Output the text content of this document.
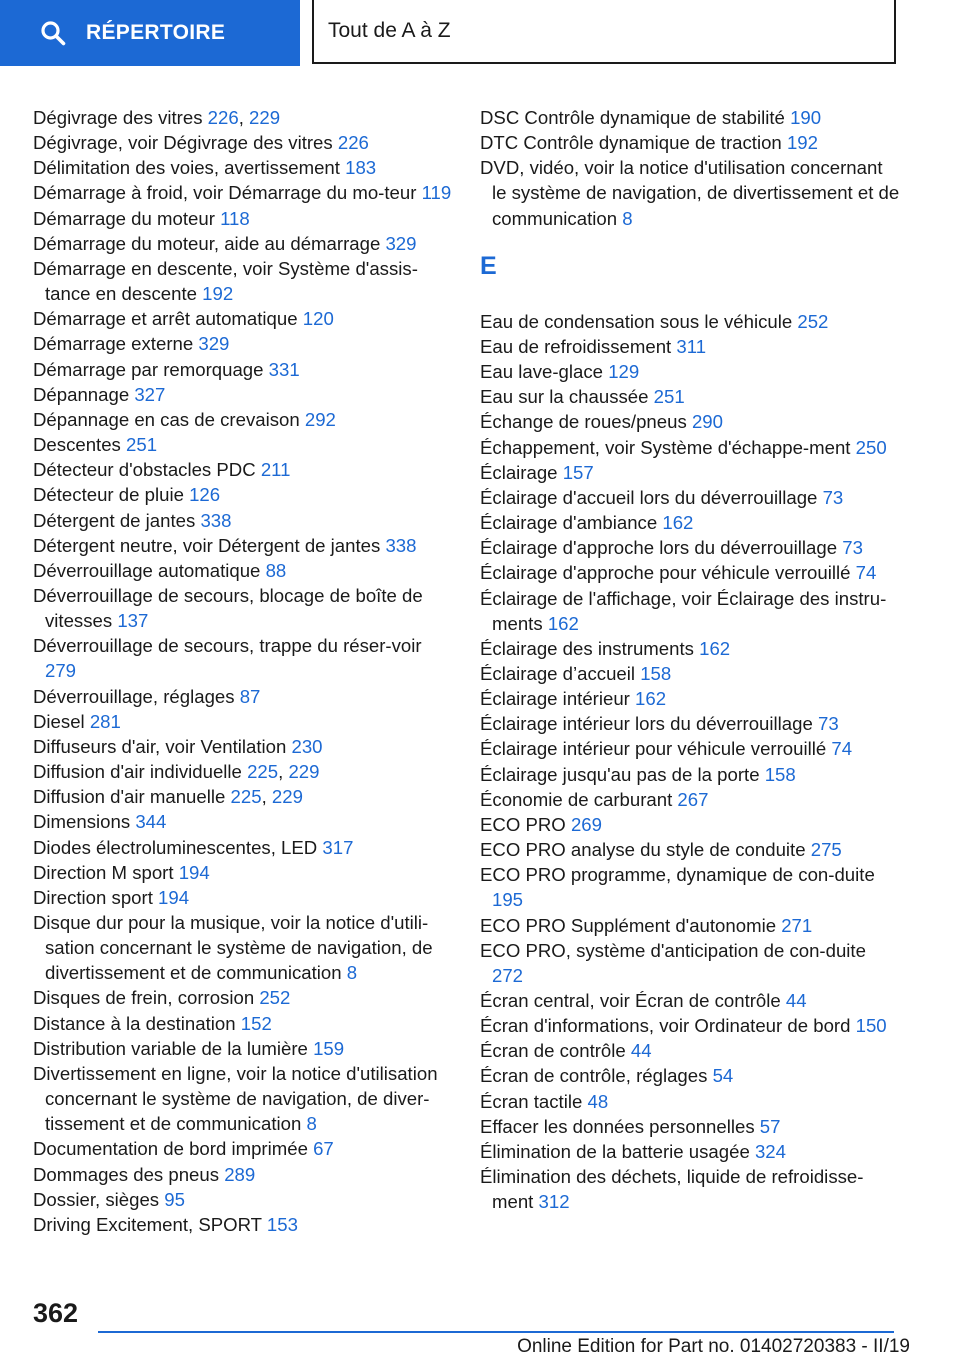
RÉPERTOIRE	Tout de A à Z
Dégivrage des vitres 226, 229
Dégivrage, voir Dégivrage des vitres 226
Délimitation des voies, avertissement 183
Démarrage à froid, voir Démarrage du mo-teur 119
Démarrage du moteur 118
Démarrage du moteur, aide au démarrage 329
Démarrage en descente, voir Système d'assis-tance en descente 192
Démarrage et arrêt automatique 120
Démarrage externe 329
Démarrage par remorquage 331
Dépannage 327
Dépannage en cas de crevaison 292
Descentes 251
Détecteur d'obstacles PDC 211
Détecteur de pluie 126
Détergent de jantes 338
Détergent neutre, voir Détergent de jantes 338
Déverrouillage automatique 88
Déverrouillage de secours, blocage de boîte de vitesses 137
Déverrouillage de secours, trappe du réser-voir 279
Déverrouillage, réglages 87
Diesel 281
Diffuseurs d'air, voir Ventilation 230
Diffusion d'air individuelle 225, 229
Diffusion d'air manuelle 225, 229
Dimensions 344
Diodes électroluminescentes, LED 317
Direction M sport 194
Direction sport 194
Disque dur pour la musique, voir la notice d'utili-sation concernant le système de navigation, de divertissement et de communication 8
Disques de frein, corrosion 252
Distance à la destination 152
Distribution variable de la lumière 159
Divertissement en ligne, voir la notice d'utilisation concernant le système de navigation, de diver-tissement et de communication 8
Documentation de bord imprimée 67
Dommages des pneus 289
Dossier, sièges 95
Driving Excitement, SPORT 153
DSC Contrôle dynamique de stabilité 190
DTC Contrôle dynamique de traction 192
DVD, vidéo, voir la notice d'utilisation concernant le système de navigation, de divertissement et de communication 8
E
Eau de condensation sous le véhicule 252
Eau de refroidissement 311
Eau lave-glace 129
Eau sur la chaussée 251
Échange de roues/pneus 290
Échappement, voir Système d'échappe-ment 250
Éclairage 157
Éclairage d'accueil lors du déverrouillage 73
Éclairage d'ambiance 162
Éclairage d'approche lors du déverrouillage 73
Éclairage d'approche pour véhicule verrouillé 74
Éclairage de l'affichage, voir Éclairage des instru-ments 162
Éclairage des instruments 162
Éclairage d’accueil 158
Éclairage intérieur 162
Éclairage intérieur lors du déverrouillage 73
Éclairage intérieur pour véhicule verrouillé 74
Éclairage jusqu'au pas de la porte 158
Économie de carburant 267
ECO PRO 269
ECO PRO analyse du style de conduite 275
ECO PRO programme, dynamique de con-duite 195
ECO PRO Supplément d'autonomie 271
ECO PRO, système d'anticipation de con-duite 272
Écran central, voir Écran de contrôle 44
Écran d'informations, voir Ordinateur de bord 150
Écran de contrôle 44
Écran de contrôle, réglages 54
Écran tactile 48
Effacer les données personnelles 57
Élimination de la batterie usagée 324
Élimination des déchets, liquide de refroidisse-ment 312
362
Online Edition for Part no. 01402720383 - II/19
